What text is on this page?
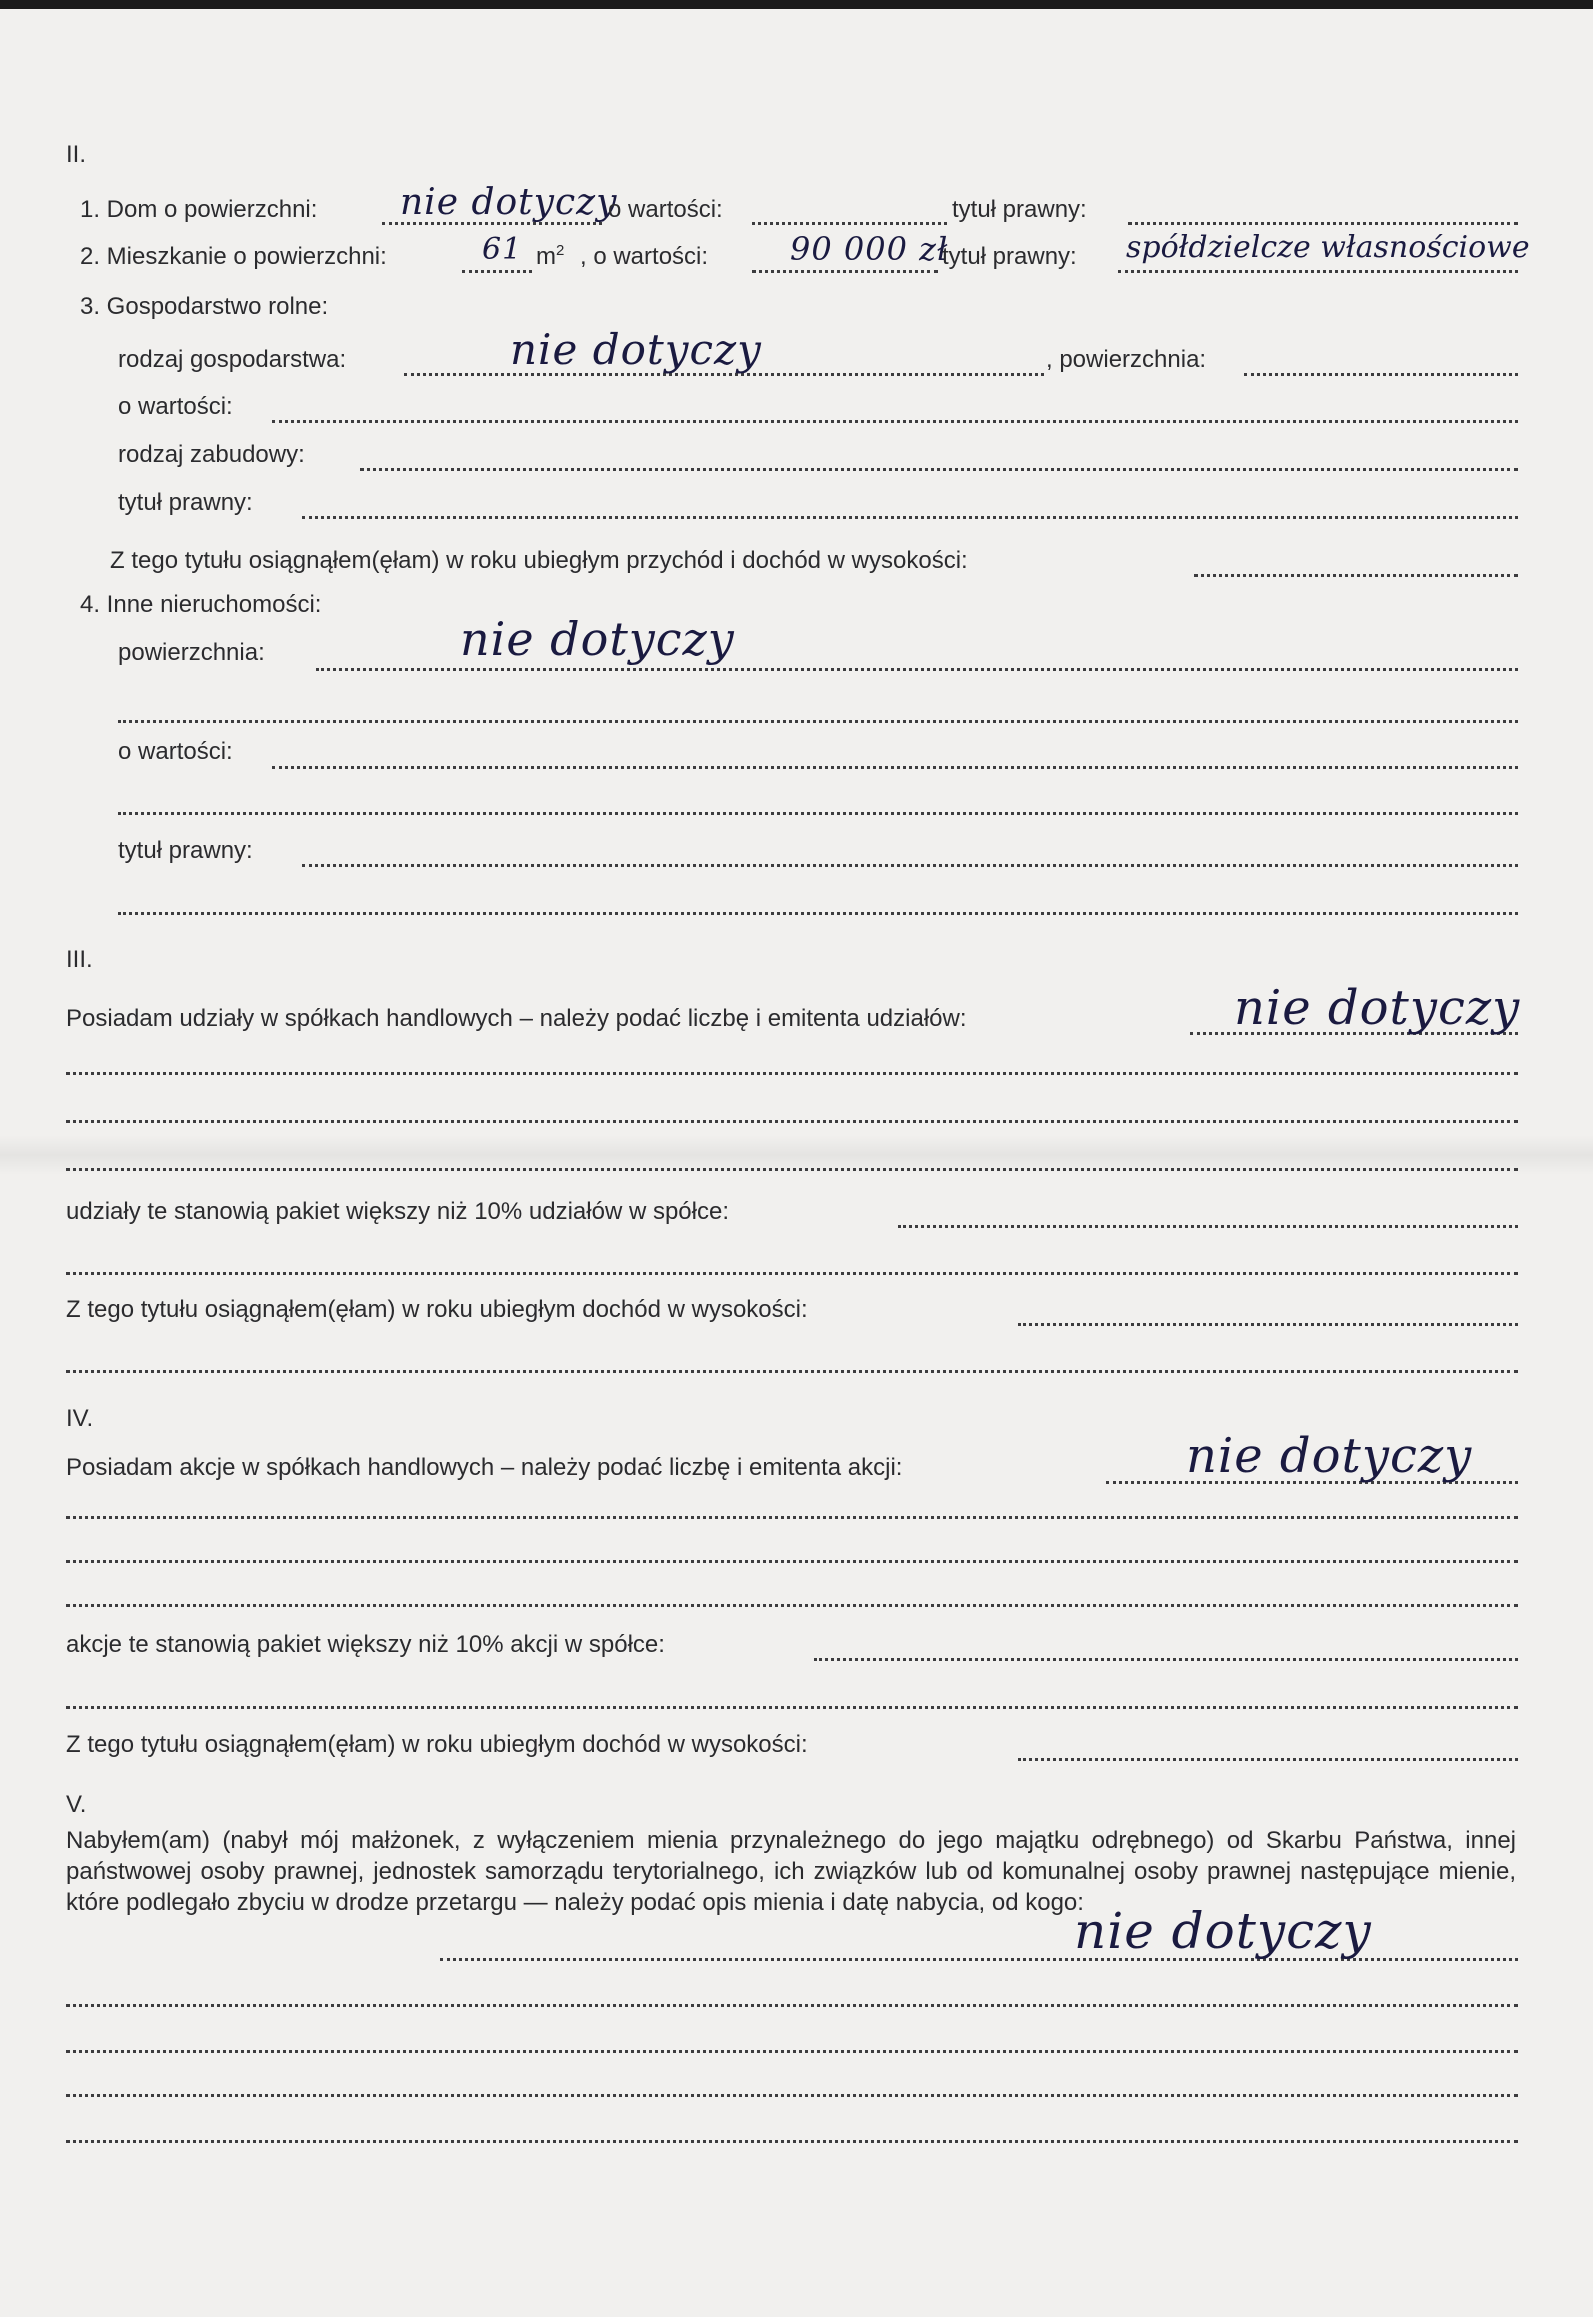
II.
1. Dom o powierzchni: nie dotyczy
o wartości:	tytuł prawny:
2. Mieszkanie o powierzchni:	61 $m^2$ , o wartości:	90 000 zł
tytuł prawny: spółdzielcze własnościowe
3. Gospodarstwo rolne:
rodzaj gospodarstwa:	nie dotyczy	, powierzchnia:
o wartości:
rodzaj zabudowy:
tytuł prawny:
Z tego tytułu osiągnąłem(ęłam) w roku ubiegłym przychód i dochód w wysokości:
4. Inne nieruchomości:
powierzchnia:	nie dotyczy
o wartości:
tytuł prawny:
III.
Posiadam udziały w spółkach handlowych – należy podać liczbę i emitenta udziałów:	nie dotyczy
udziały te stanowią pakiet większy niż 10% udziałów w spółce:
Z tego tytułu osiągnąłem(ęłam) w roku ubiegłym dochód w wysokości:
IV.
Posiadam akcje w spółkach handlowych – należy podać liczbę i emitenta akcji:	nie dotyczy
akcje te stanowią pakiet większy niż 10% akcji w spółce:
Z tego tytułu osiągnąłem(ęłam) w roku ubiegłym dochód w wysokości:
V.
Nabyłem(am) (nabył mój małżonek, z wyłączeniem mienia przynależnego do jego majątku odrębnego) od Skarbu Państwa, innej państwowej osoby prawnej, jednostek samorządu terytorialnego, ich związków lub od komunalnej osoby prawnej następujące mienie, które podlegało zbyciu w drodze przetargu — należy podać opis mienia i datę nabycia, od kogo:
nie dotyczy
